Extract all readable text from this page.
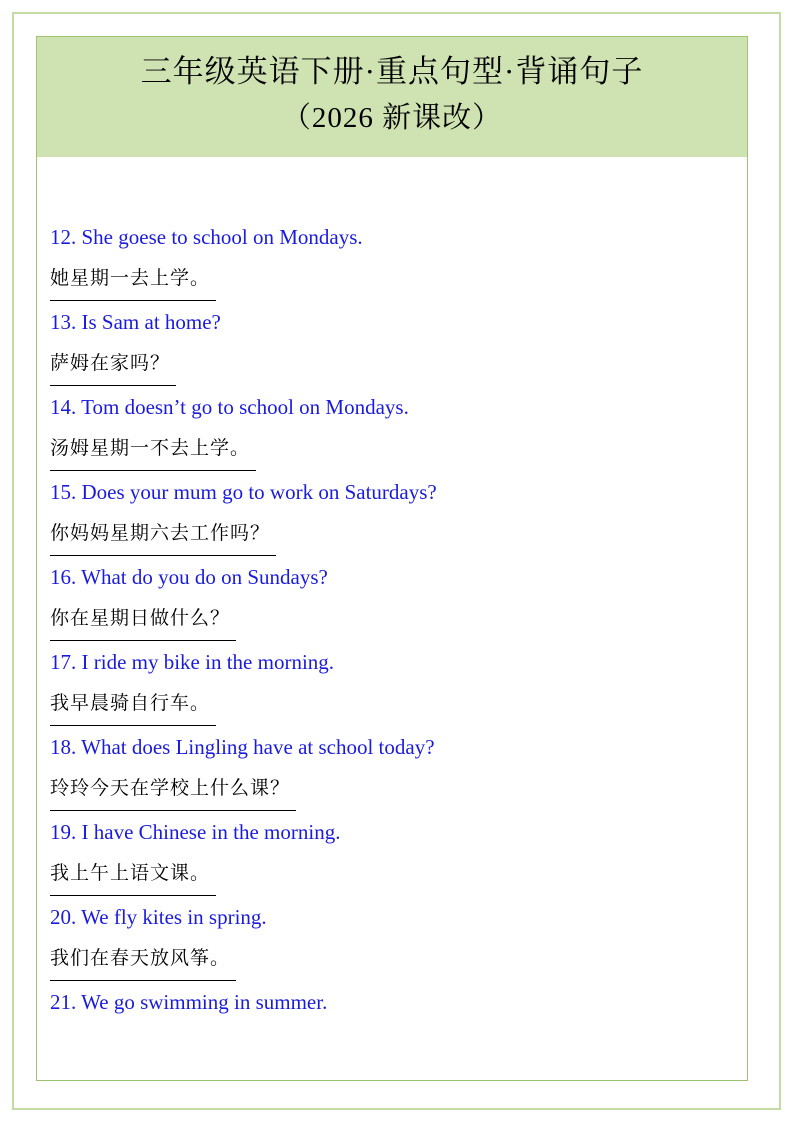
三年级英语下册·重点句型·背诵句子
（2026 新课改）
12. She goese to school on Mondays.
她星期一去上学。
13. Is Sam at home?
萨姆在家吗？
14. Tom doesn’t go to school on Mondays.
汤姆星期一不去上学。
15. Does your mum go to work on Saturdays?
你妈妈星期六去工作吗？
16. What do you do on Sundays?
你在星期日做什么？
17. I ride my bike in the morning.
我早晨骑自行车。
18. What does Lingling have at school today?
玲玲今天在学校上什么课？
19. I have Chinese in the morning.
我上午上语文课。
20. We fly kites in spring.
我们在春天放风筝。
21. We go swimming in summer.
